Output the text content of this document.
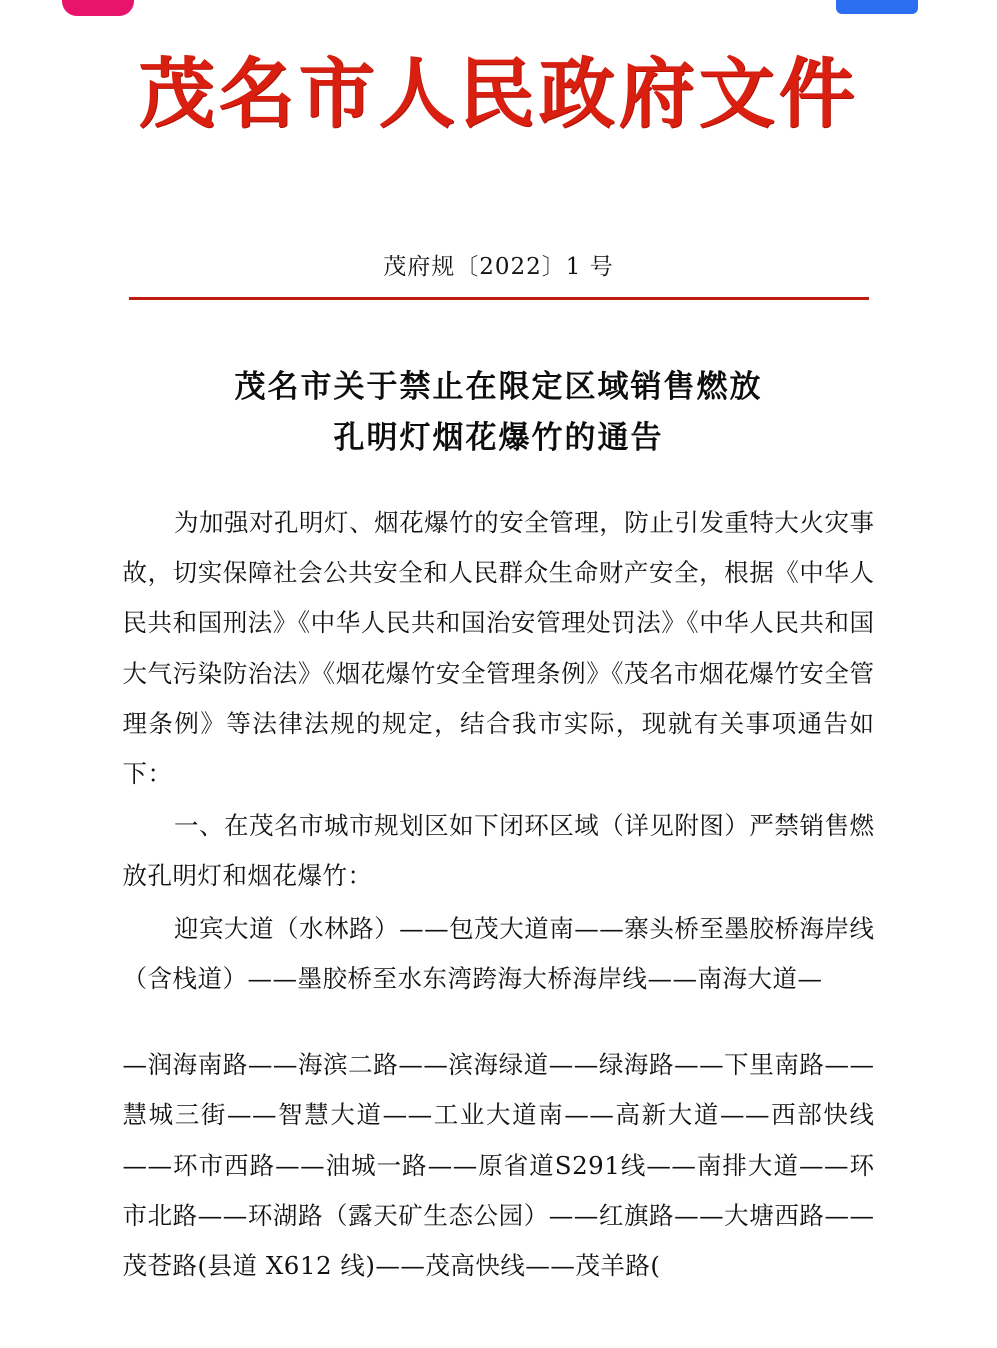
茂名市人民政府文件
茂府规〔2022〕1 号
茂名市关于禁止在限定区域销售燃放
孔明灯烟花爆竹的通告

为加强对孔明灯、烟花爆竹的安全管理，防止引发重特大火灾事故，切实保障社会公共安全和人民群众生命财产安全，根据《中华人民共和国刑法》《中华人民共和国治安管理处罚法》《中华人民共和国大气污染防治法》《烟花爆竹安全管理条例》《茂名市烟花爆竹安全管理条例》等法律法规的规定，结合我市实际，现就有关事项通告如下：

一、在茂名市城市规划区如下闭环区域（详见附图）严禁销售燃放孔明灯和烟花爆竹：

迎宾大道（水林路）——包茂大道南——寨头桥至墨胶桥海岸线（含栈道）——墨胶桥至水东湾跨海大桥海岸线——南海大道—

—润海南路——海滨二路——滨海绿道——绿海路——下里南路——慧城三街——智慧大道——工业大道南——高新大道——西部快线——环市西路——油城一路——原省道S291线——南排大道——环市北路——环湖路（露天矿生态公园）——红旗路——大塘西路——茂苍路(县道 X612 线)——茂高快线——茂羊路(
